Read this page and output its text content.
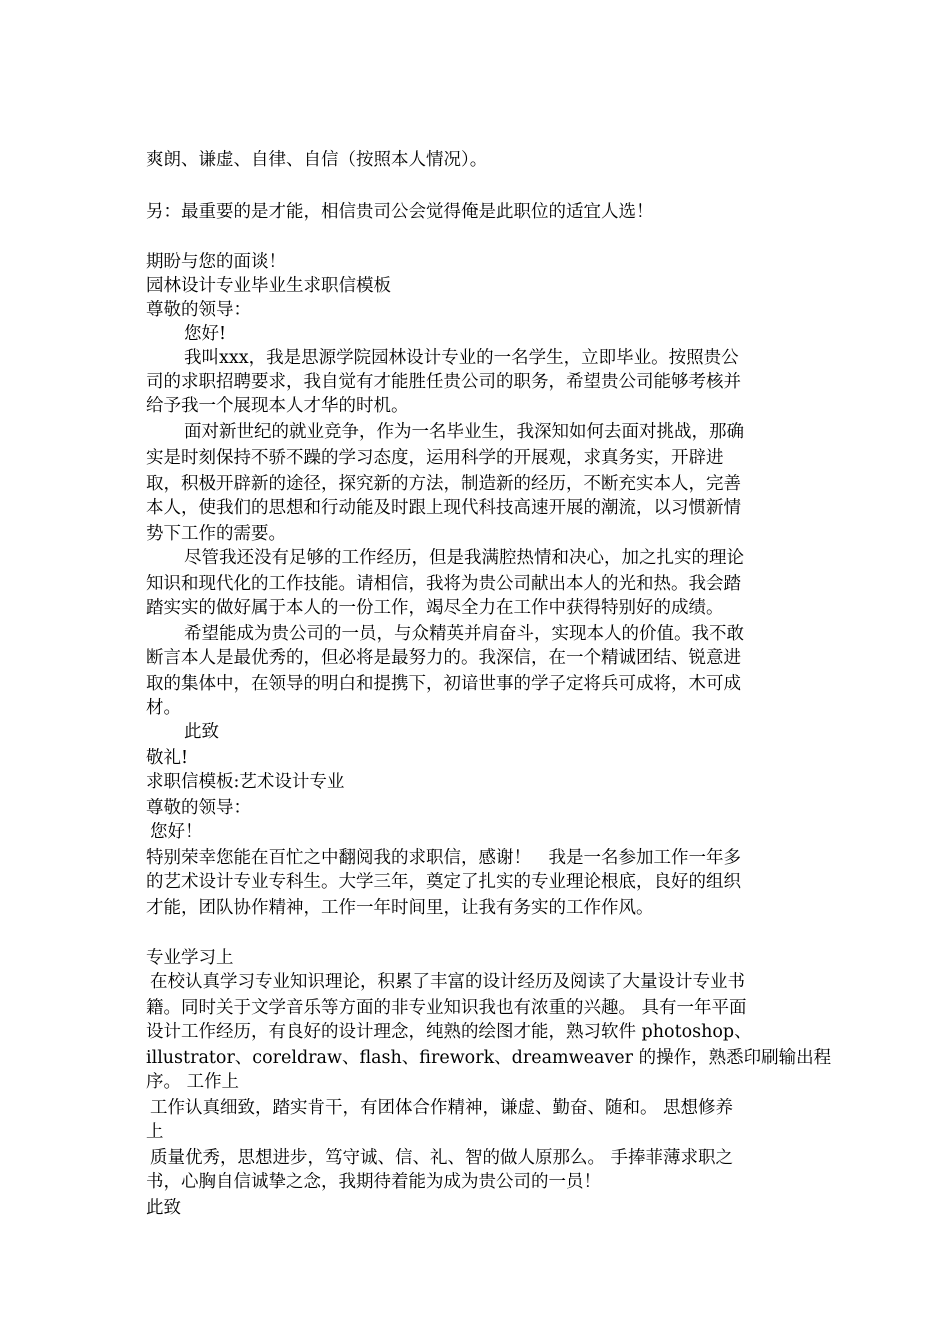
爽朗、谦虚、自律、自信（按照本人情况）。
另：最重要的是才能，相信贵司公会觉得俺是此职位的适宜人选！
期盼与您的面谈！
园林设计专业毕业生求职信模板
尊敬的领导：
您好!
我叫xxx，我是思源学院园林设计专业的一名学生，立即毕业。按照贵公
司的求职招聘要求，我自觉有才能胜任贵公司的职务，希望贵公司能够考核并
给予我一个展现本人才华的时机。
面对新世纪的就业竞争，作为一名毕业生，我深知如何去面对挑战，那确
实是时刻保持不骄不躁的学习态度，运用科学的开展观，求真务实，开辟进
取，积极开辟新的途径，探究新的方法，制造新的经历，不断充实本人，完善
本人，使我们的思想和行动能及时跟上现代科技高速开展的潮流，以习惯新情
势下工作的需要。
尽管我还没有足够的工作经历，但是我满腔热情和决心，加之扎实的理论
知识和现代化的工作技能。请相信，我将为贵公司献出本人的光和热。我会踏
踏实实的做好属于本人的一份工作，竭尽全力在工作中获得特别好的成绩。
希望能成为贵公司的一员，与众精英并肩奋斗，实现本人的价值。我不敢
断言本人是最优秀的，但必将是最努力的。我深信，在一个精诚团结、锐意进
取的集体中，在领导的明白和提携下，初谙世事的学子定将兵可成将，木可成
材。
此致
敬礼!
求职信模板:艺术设计专业
尊敬的领导：
您好！
特别荣幸您能在百忙之中翻阅我的求职信，感谢！　我是一名参加工作一年多
的艺术设计专业专科生。大学三年，奠定了扎实的专业理论根底，良好的组织
才能，团队协作精神，工作一年时间里，让我有务实的工作作风。
专业学习上
在校认真学习专业知识理论，积累了丰富的设计经历及阅读了大量设计专业书
籍。同时关于文学音乐等方面的非专业知识我也有浓重的兴趣。 具有一年平面
设计工作经历，有良好的设计理念，纯熟的绘图才能，熟习软件 photoshop、
illustrator、coreldraw、flash、firework、dreamweaver 的操作，熟悉印刷输出程
序。 工作上
工作认真细致，踏实肯干，有团体合作精神，谦虚、勤奋、随和。 思想修养
上
质量优秀，思想进步，笃守诚、信、礼、智的做人原那么。 手捧菲薄求职之
书，心胸自信诚挚之念，我期待着能为成为贵公司的一员！
此致
